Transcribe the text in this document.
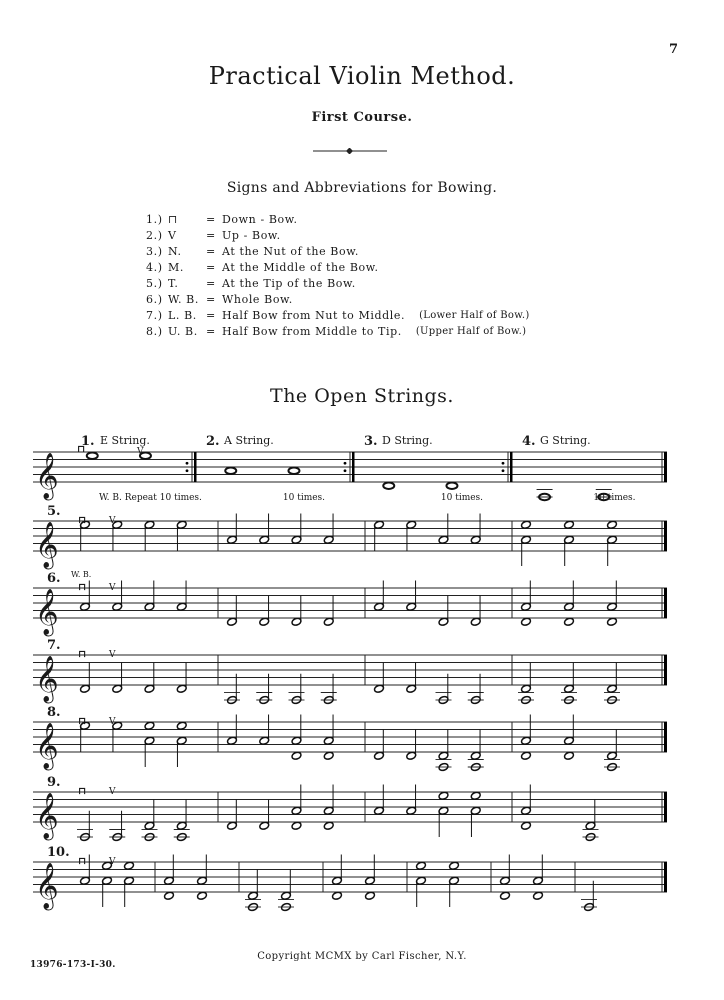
7
Practical Violin Method.
First Course.
Signs and Abbreviations for Bowing.
1.) ⊓	= Down - Bow.
2.) V	= Up - Bow.
3.) N.	= At the Nut of the Bow.
4.) M.	= At the Middle of the Bow.
5.) T.	= At the Tip of the Bow.
6.) W. B. = Whole Bow.
7.) L. B. = Half Bow from Nut to Middle. (Lower Half of Bow.)
8.) U. B. = Half Bow from Middle to Tip. (Upper Half of Bow.)
The Open Strings.
𝄞
1. E String.
W. B. Repeat 10 times.
2. A String.
10 times.
3. D String.
10 times.
4. G String.
10 times.
⊓	V
𝄞
5.
⊓	V
W. B.
𝄞
6.
⊓	V
𝄞
7.
⊓	V
𝄞
8.
⊓	V
𝄞
9.
⊓	V
𝄞
10.
⊓	V
13976-173-I-30.
Copyright MCMX by Carl Fischer, N.Y.
